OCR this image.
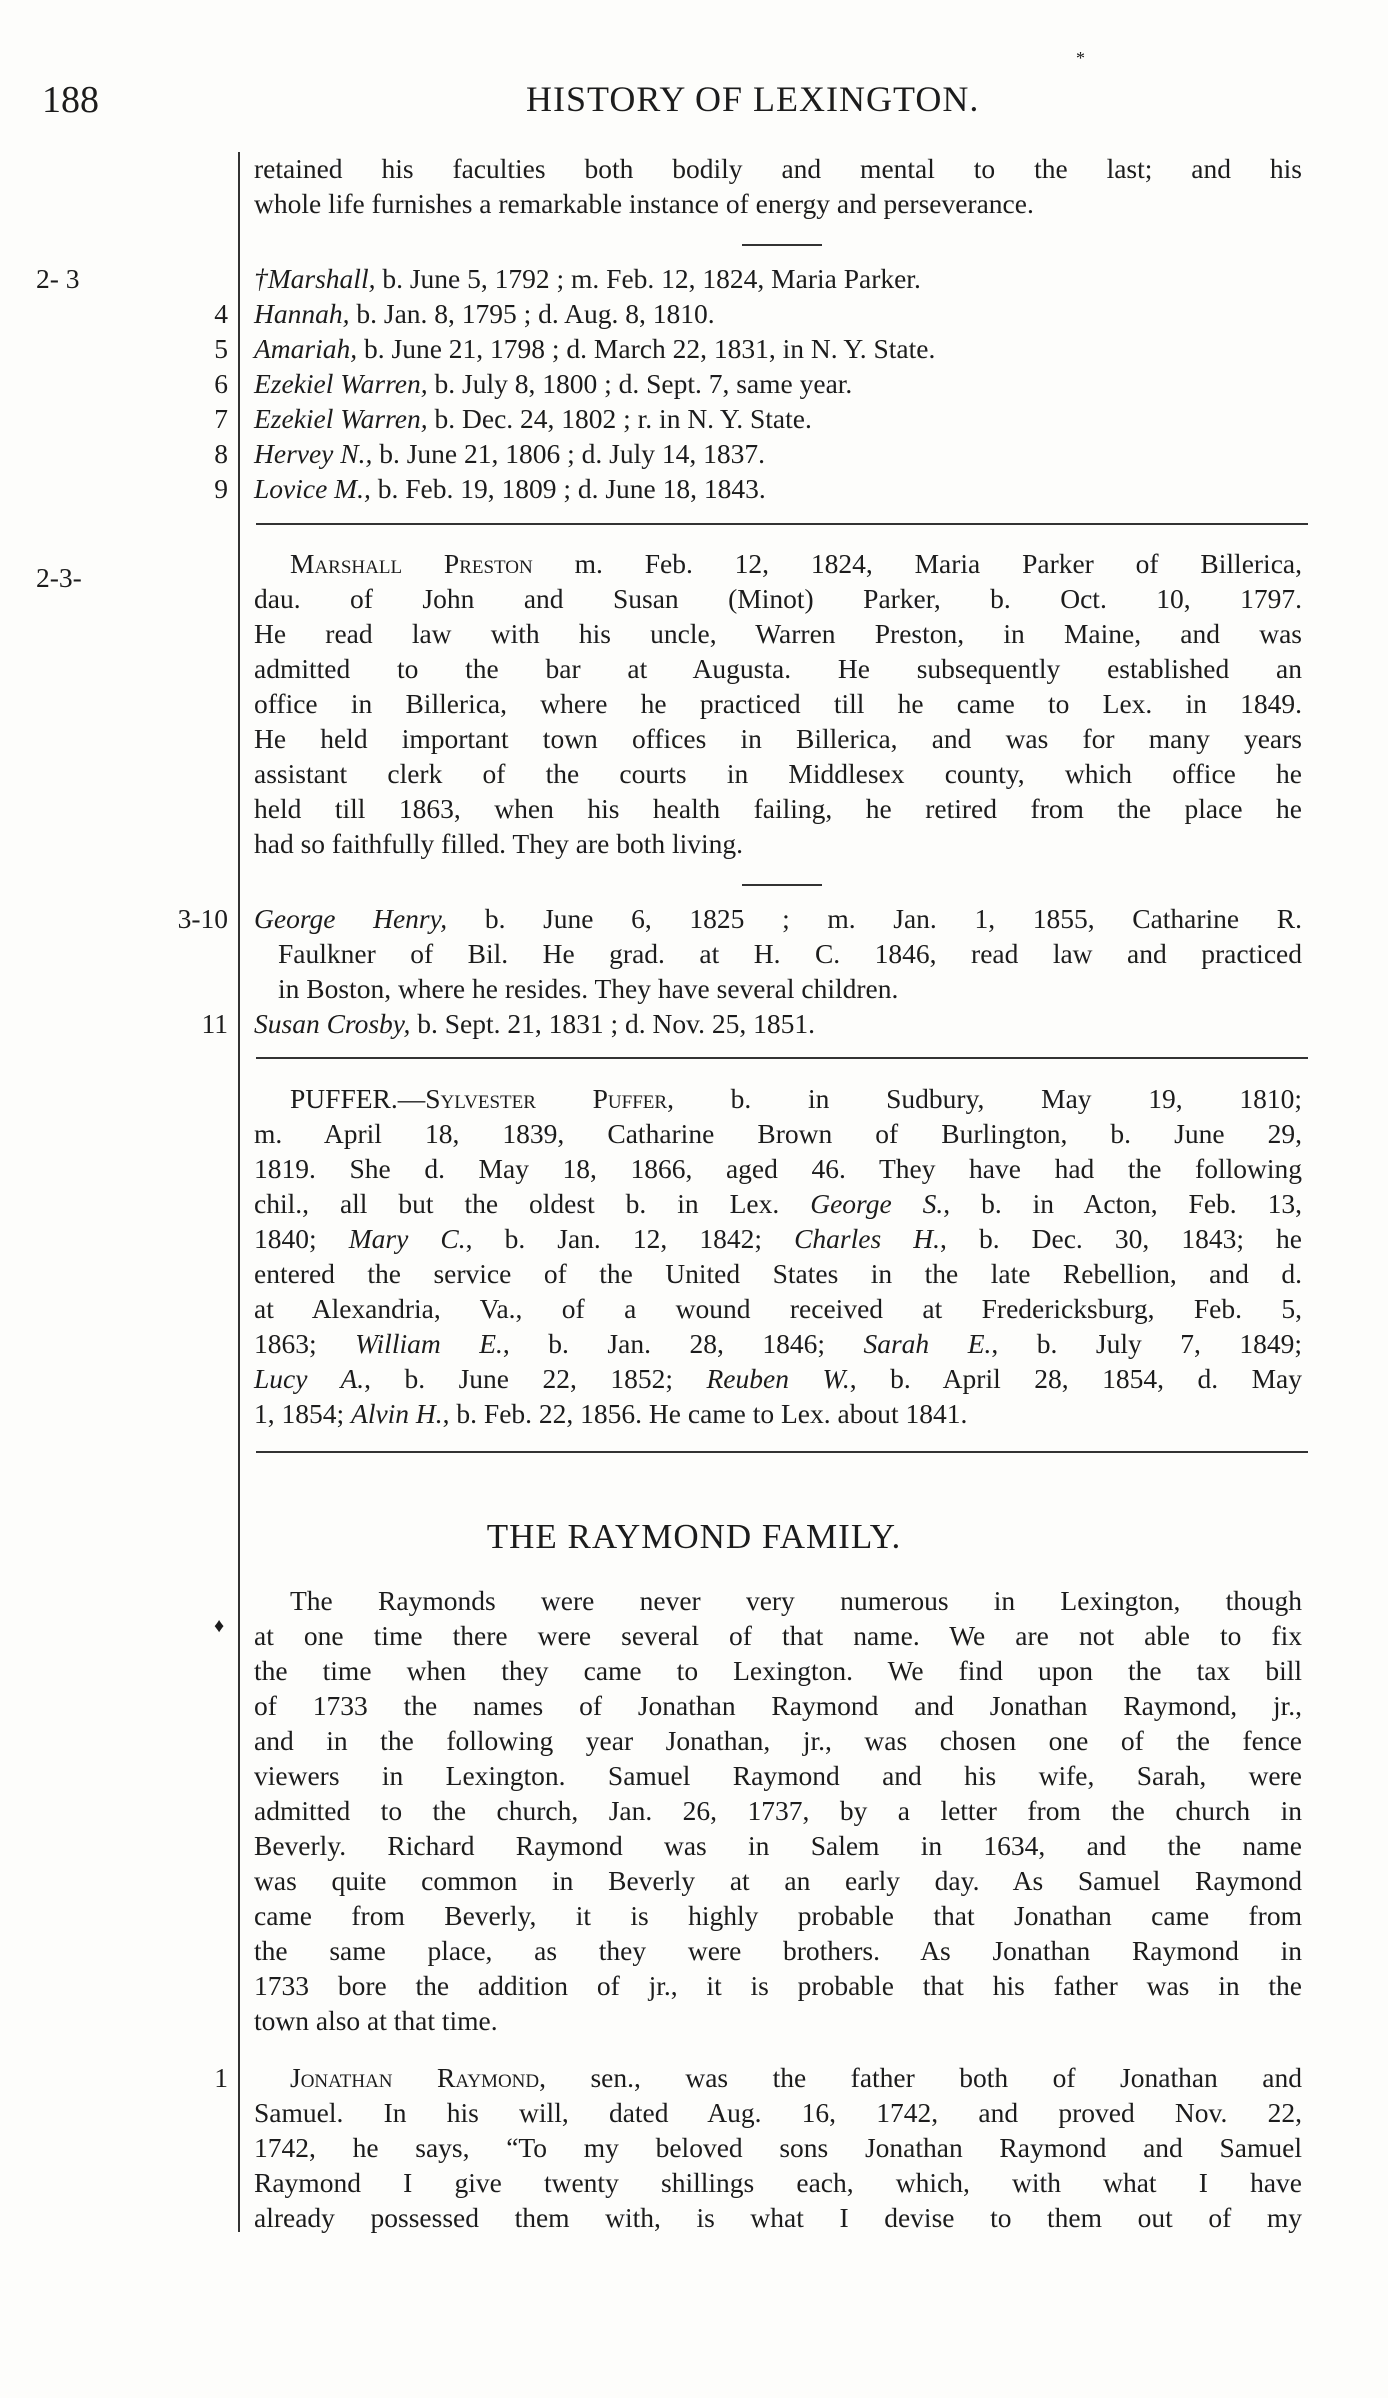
188	HISTORY OF LEXINGTON.
*
retained his faculties both bodily and mental to the last; and his
whole life furnishes a remarkable instance of energy and perseverance.
2- 3	†Marshall, b. June 5, 1792 ; m. Feb. 12, 1824, Maria Parker.
4 Hannah, b. Jan. 8, 1795 ; d. Aug. 8, 1810.
5 Amariah, b. June 21, 1798 ; d. March 22, 1831, in N. Y. State.
6 Ezekiel Warren, b. July 8, 1800 ; d. Sept. 7, same year.
7 Ezekiel Warren, b. Dec. 24, 1802 ; r. in N. Y. State.
8 Hervey N., b. June 21, 1806 ; d. July 14, 1837.
9 Lovice M., b. Feb. 19, 1809 ; d. June 18, 1843.
2-3-	Marshall Preston m. Feb. 12, 1824, Maria Parker of Billerica,
dau. of John and Susan (Minot) Parker, b. Oct. 10, 1797.
He read law with his uncle, Warren Preston, in Maine, and was
admitted to the bar at Augusta. He subsequently established an
office in Billerica, where he practiced till he came to Lex. in 1849.
He held important town offices in Billerica, and was for many years
assistant clerk of the courts in Middlesex county, which office he
held till 1863, when his health failing, he retired from the place he
had so faithfully filled. They are both living.
3-10 George Henry, b. June 6, 1825 ; m. Jan. 1, 1855, Catharine R.
Faulkner of Bil. He grad. at H. C. 1846, read law and practiced
in Boston, where he resides. They have several children.
11 Susan Crosby, b. Sept. 21, 1831 ; d. Nov. 25, 1851.
PUFFER.—Sylvester Puffer, b. in Sudbury, May 19, 1810;
m. April 18, 1839, Catharine Brown of Burlington, b. June 29,
1819. She d. May 18, 1866, aged 46. They have had the following
chil., all but the oldest b. in Lex. George S., b. in Acton, Feb. 13,
1840; Mary C., b. Jan. 12, 1842; Charles H., b. Dec. 30, 1843; he
entered the service of the United States in the late Rebellion, and d.
at Alexandria, Va., of a wound received at Fredericksburg, Feb. 5,
1863; William E., b. Jan. 28, 1846; Sarah E., b. July 7, 1849;
Lucy A., b. June 22, 1852; Reuben W., b. April 28, 1854, d. May
1, 1854; Alvin H., b. Feb. 22, 1856. He came to Lex. about 1841.
THE RAYMOND FAMILY.
♦
The Raymonds were never very numerous in Lexington, though
at one time there were several of that name. We are not able to fix
the time when they came to Lexington. We find upon the tax bill
of 1733 the names of Jonathan Raymond and Jonathan Raymond, jr.,
and in the following year Jonathan, jr., was chosen one of the fence
viewers in Lexington. Samuel Raymond and his wife, Sarah, were
admitted to the church, Jan. 26, 1737, by a letter from the church in
Beverly. Richard Raymond was in Salem in 1634, and the name
was quite common in Beverly at an early day. As Samuel Raymond
came from Beverly, it is highly probable that Jonathan came from
the same place, as they were brothers. As Jonathan Raymond in
1733 bore the addition of jr., it is probable that his father was in the
town also at that time.
1	Jonathan Raymond, sen., was the father both of Jonathan and
Samuel. In his will, dated Aug. 16, 1742, and proved Nov. 22,
1742, he says, “To my beloved sons Jonathan Raymond and Samuel
Raymond I give twenty shillings each, which, with what I have
already possessed them with, is what I devise to them out of my
